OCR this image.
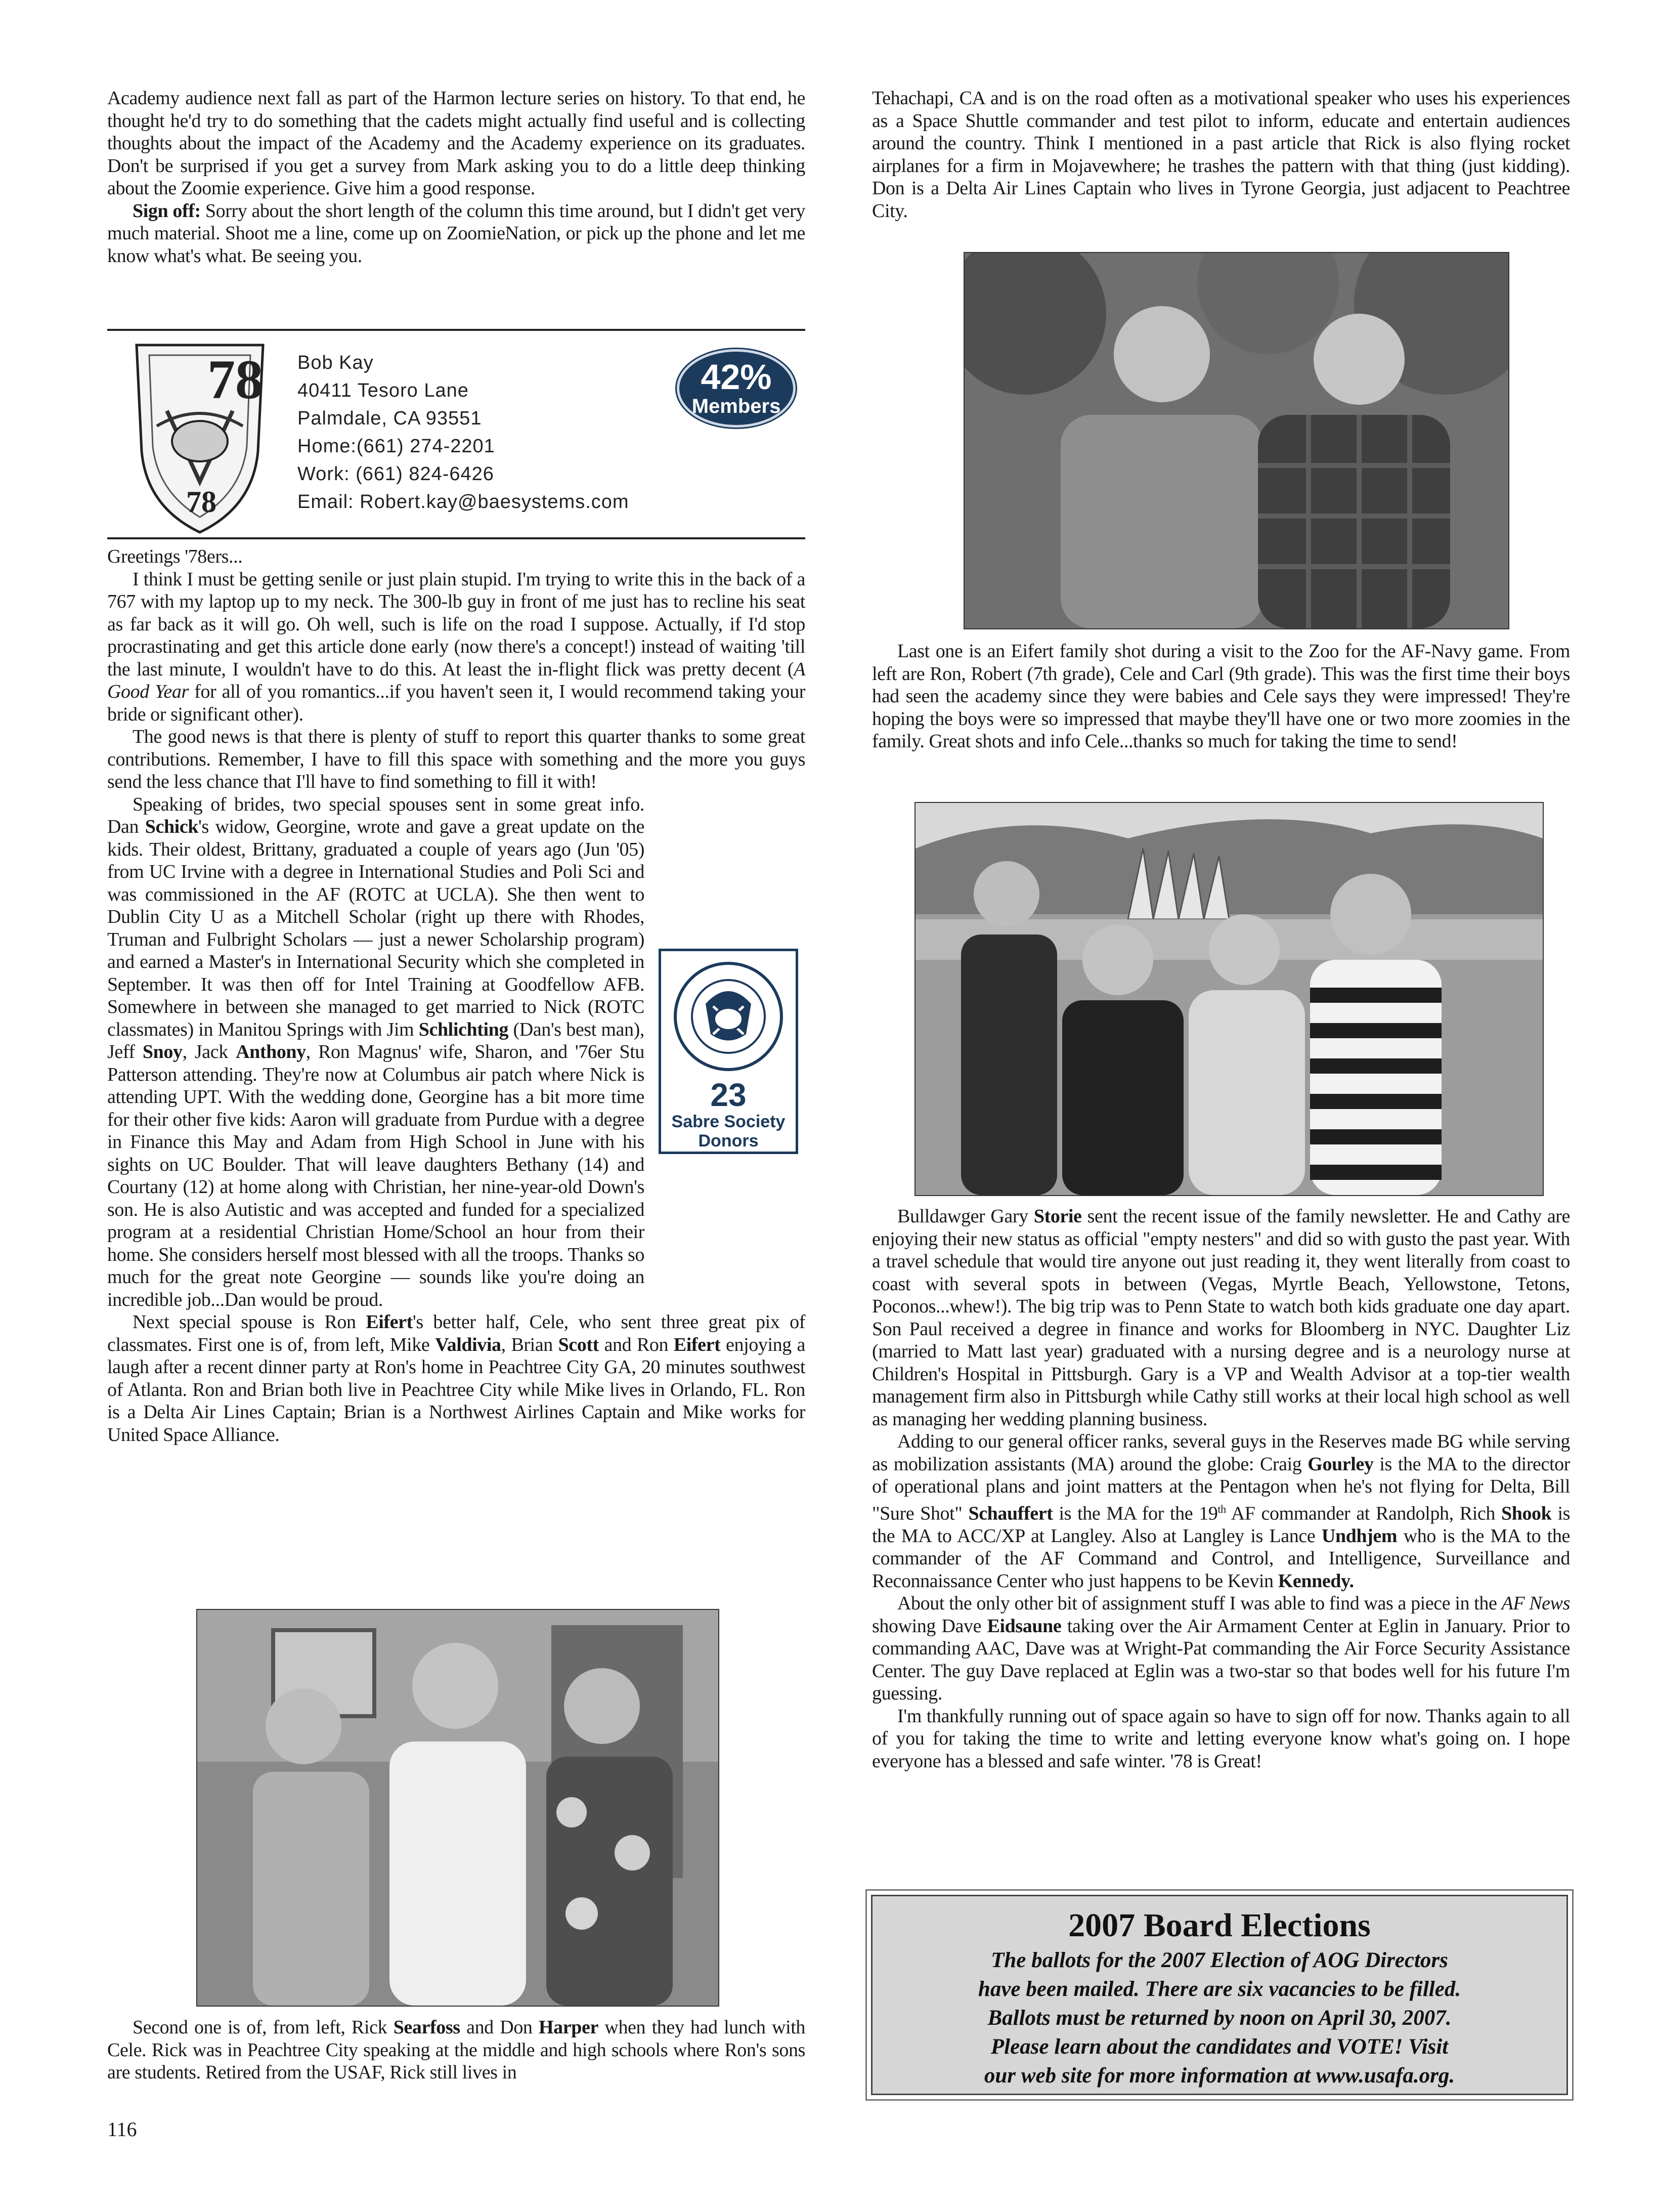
Academy audience next fall as part of the Harmon lecture series on history. To that end, he thought he'd try to do something that the cadets might actually find useful and is collecting thoughts about the impact of the Academy and the Academy experience on its graduates. Don't be surprised if you get a survey from Mark asking you to do a little deep thinking about the Zoomie experience. Give him a good response.

Sign off: Sorry about the short length of the column this time around, but I didn't get very much material. Shoot me a line, come up on ZoomieNation, or pick up the phone and let me know what's what. Be seeing you.

78
78
Bob Kay
40411 Tesoro Lane
Palmdale, CA 93551
Home:(661) 274-2201
Work: (661) 824-6426
Email: Robert.kay@baesystems.com
42%
Members
23
Sabre Society
Donors

Greetings '78ers...

I think I must be getting senile or just plain stupid. I'm trying to write this in the back of a 767 with my laptop up to my neck. The 300-lb guy in front of me just has to recline his seat as far back as it will go. Oh well, such is life on the road I suppose. Actually, if I'd stop procrastinating and get this article done early (now there's a concept!) instead of waiting 'till the last minute, I wouldn't have to do this. At least the in-flight flick was pretty decent (A Good Year for all of you romantics...if you haven't seen it, I would recommend taking your bride or significant other).

The good news is that there is plenty of stuff to report this quarter thanks to some great contributions. Remember, I have to fill this space with something and the more you guys send the less chance that I'll have to find something to fill it with!

Speaking of brides, two special spouses sent in some great info. Dan Schick's widow, Georgine, wrote and gave a great update on the kids. Their oldest, Brittany, graduated a couple of years ago (Jun '05) from UC Irvine with a degree in International Studies and Poli Sci and was commissioned in the AF (ROTC at UCLA). She then went to Dublin City U as a Mitchell Scholar (right up there with Rhodes, Truman and Fulbright Scholars — just a newer Scholarship program) and earned a Master's in International Security which she completed in September. It was then off for Intel Training at Goodfellow AFB. Somewhere in between she managed to get married to Nick (ROTC classmates) in Manitou Springs with Jim Schlichting (Dan's best man), Jeff Snoy, Jack Anthony, Ron Magnus' wife, Sharon, and '76er Stu Patterson attending. They're now at Columbus air patch where Nick is attending UPT. With the wedding done, Georgine has a bit more time for their other five kids: Aaron will graduate from Purdue with a degree in Finance this May and Adam from High School in June with his sights on UC Boulder. That will leave daughters Bethany (14) and Courtany (12) at home along with Christian, her nine-year-old Down's son. He is also Autistic and was accepted and funded for a specialized program at a residential Christian Home/School an hour from their home. She considers herself most blessed with all the troops. Thanks so much for the great note Georgine — sounds like you're doing an incredible job...Dan would be proud.

Next special spouse is Ron Eifert's better half, Cele, who sent three great pix of classmates. First one is of, from left, Mike Valdivia, Brian Scott and Ron Eifert enjoying a laugh after a recent dinner party at Ron's home in Peachtree City GA, 20 minutes southwest of Atlanta. Ron and Brian both live in Peachtree City while Mike lives in Orlando, FL. Ron is a Delta Air Lines Captain; Brian is a Northwest Airlines Captain and Mike works for United Space Alliance.

Second one is of, from left, Rick Searfoss and Don Harper when they had lunch with Cele. Rick was in Peachtree City speaking at the middle and high schools where Ron's sons are students. Retired from the USAF, Rick still lives in

116

Tehachapi, CA and is on the road often as a motivational speaker who uses his experiences as a Space Shuttle commander and test pilot to inform, educate and entertain audiences around the country. Think I mentioned in a past article that Rick is also flying rocket airplanes for a firm in Mojavewhere; he trashes the pattern with that thing (just kidding). Don is a Delta Air Lines Captain who lives in Tyrone Georgia, just adjacent to Peachtree City.

Last one is an Eifert family shot during a visit to the Zoo for the AF-Navy game. From left are Ron, Robert (7th grade), Cele and Carl (9th grade). This was the first time their boys had seen the academy since they were babies and Cele says they were impressed! They're hoping the boys were so impressed that maybe they'll have one or two more zoomies in the family. Great shots and info Cele...thanks so much for taking the time to send!

Bulldawger Gary Storie sent the recent issue of the family newsletter. He and Cathy are enjoying their new status as official "empty nesters" and did so with gusto the past year. With a travel schedule that would tire anyone out just reading it, they went literally from coast to coast with several spots in between (Vegas, Myrtle Beach, Yellowstone, Tetons, Poconos...whew!). The big trip was to Penn State to watch both kids graduate one day apart. Son Paul received a degree in finance and works for Bloomberg in NYC. Daughter Liz (married to Matt last year) graduated with a nursing degree and is a neurology nurse at Children's Hospital in Pittsburgh. Gary is a VP and Wealth Advisor at a top-tier wealth management firm also in Pittsburgh while Cathy still works at their local high school as well as managing her wedding planning business.

Adding to our general officer ranks, several guys in the Reserves made BG while serving as mobilization assistants (MA) around the globe: Craig Gourley is the MA to the director of operational plans and joint matters at the Pentagon when he's not flying for Delta, Bill "Sure Shot" Schauffert is the MA for the 19th AF commander at Randolph, Rich Shook is the MA to ACC/XP at Langley. Also at Langley is Lance Undhjem who is the MA to the commander of the AF Command and Control, and Intelligence, Surveillance and Reconnaissance Center who just happens to be Kevin Kennedy.

About the only other bit of assignment stuff I was able to find was a piece in the AF News showing Dave Eidsaune taking over the Air Armament Center at Eglin in January. Prior to commanding AAC, Dave was at Wright-Pat commanding the Air Force Security Assistance Center. The guy Dave replaced at Eglin was a two-star so that bodes well for his future I'm guessing.

I'm thankfully running out of space again so have to sign off for now. Thanks again to all of you for taking the time to write and letting everyone know what's going on. I hope everyone has a blessed and safe winter. '78 is Great!

2007 Board Elections
The ballots for the 2007 Election of AOG Directors
have been mailed. There are six vacancies to be filled.
Ballots must be returned by noon on April 30, 2007.
Please learn about the candidates and VOTE! Visit
our web site for more information at www.usafa.org.
